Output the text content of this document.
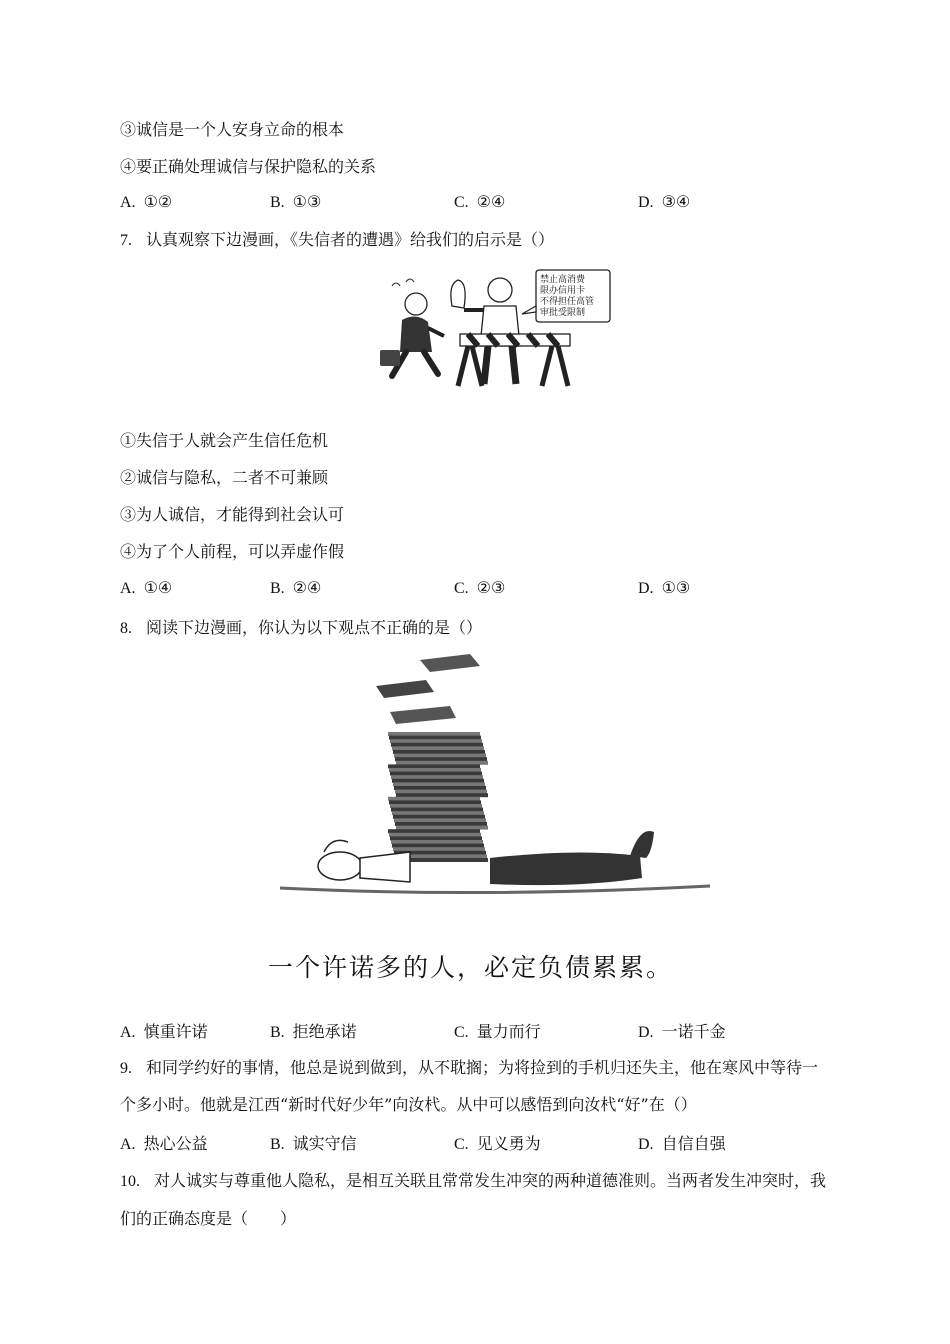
③诚信是一个人安身立命的根本
④要正确处理诚信与保护隐私的关系
A. ①②	B. ①③	C. ②④	D. ③④
7. 认真观察下边漫画，《失信者的遭遇》给我们的启示是（）
禁止高消费
限办信用卡
不得担任高管
审批受限制
①失信于人就会产生信任危机
②诚信与隐私，二者不可兼顾
③为人诚信，才能得到社会认可
④为了个人前程，可以弄虚作假
A. ①④	B. ②④	C. ②③	D. ①③
8. 阅读下边漫画，你认为以下观点不正确的是（）
一个许诺多的人，必定负债累累。
A. 慎重许诺	B. 拒绝承诺	C. 量力而行	D. 一诺千金
9. 和同学约好的事情，他总是说到做到，从不耽搁；为将捡到的手机归还失主，他在寒风中等待一
个多小时。他就是江西“新时代好少年”向汝杙。从中可以感悟到向汝杙“好”在（）
A. 热心公益	B. 诚实守信	C. 见义勇为	D. 自信自强
10. 对人诚实与尊重他人隐私，是相互关联且常常发生冲突的两种道德准则。当两者发生冲突时，我
们的正确态度是（　　）
